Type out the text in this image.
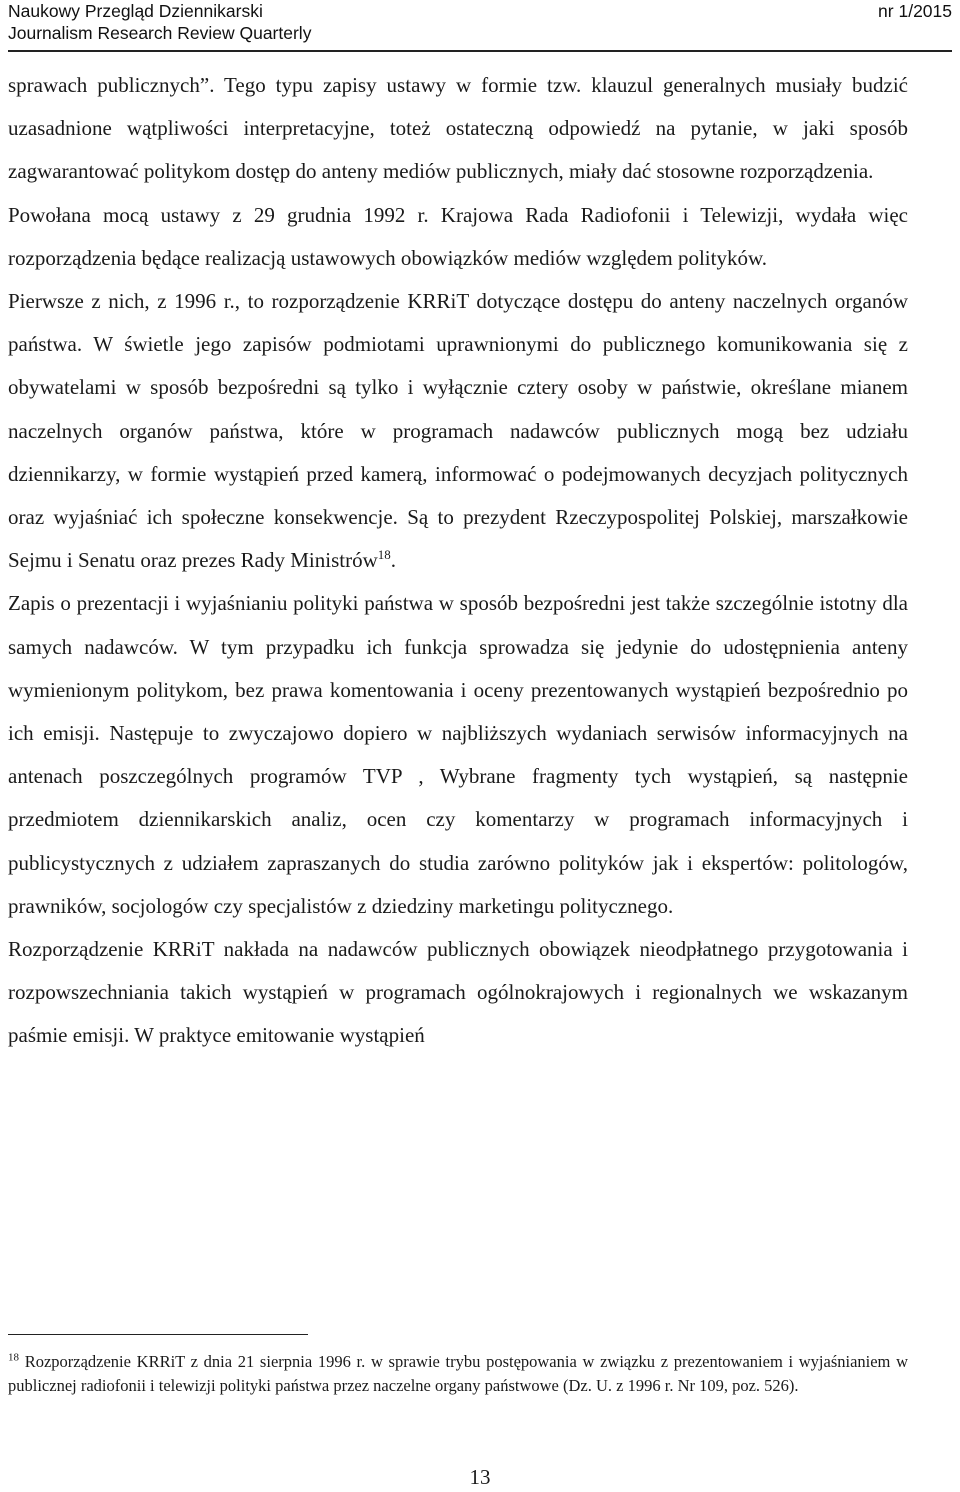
Naukowy Przegląd Dziennikarski	nr 1/2015
Journalism Research Review Quarterly

sprawach publicznych”. Tego typu zapisy ustawy w formie tzw. klauzul generalnych musiały budzić uzasadnione wątpliwości interpretacyjne, toteż ostateczną odpowiedź na pytanie, w jaki sposób zagwarantować politykom dostęp do anteny mediów publicznych, miały dać stosowne rozporządzenia.

Powołana mocą ustawy z 29 grudnia 1992 r. Krajowa Rada Radiofonii i Telewizji, wydała więc rozporządzenia będące realizacją ustawowych obowiązków mediów względem polityków.

Pierwsze z nich, z 1996 r., to rozporządzenie KRRiT dotyczące dostępu do anteny naczelnych organów państwa. W świetle jego zapisów podmiotami uprawnionymi do publicznego komunikowania się z obywatelami w sposób bezpośredni są tylko i wyłącznie cztery osoby w państwie, określane mianem naczelnych organów państwa, które w programach nadawców publicznych mogą bez udziału dziennikarzy, w formie wystąpień przed kamerą, informować o podejmowanych decyzjach politycznych oraz wyjaśniać ich społeczne konsekwencje. Są to prezydent Rzeczypospolitej Polskiej, marszałkowie Sejmu i Senatu oraz prezes Rady Ministrów$^{18}$.

Zapis o prezentacji i wyjaśnianiu polityki państwa w sposób bezpośredni jest także szczególnie istotny dla samych nadawców. W tym przypadku ich funkcja sprowadza się jedynie do udostępnienia anteny wymienionym politykom, bez prawa komentowania i oceny prezentowanych wystąpień bezpośrednio po ich emisji. Następuje to zwyczajowo dopiero w najbliższych wydaniach serwisów informacyjnych na antenach poszczególnych programów TVP , Wybrane fragmenty tych wystąpień, są następnie przedmiotem dziennikarskich analiz, ocen czy komentarzy w programach informacyjnych i publicystycznych z udziałem zapraszanych do studia zarówno polityków jak i ekspertów: politologów, prawników, socjologów czy specjalistów z dziedziny marketingu politycznego.

Rozporządzenie KRRiT nakłada na nadawców publicznych obowiązek nieodpłatnego przygotowania i rozpowszechniania takich wystąpień w programach ogólnokrajowych i regionalnych we wskazanym paśmie emisji. W praktyce emitowanie wystąpień

$^{18}$ Rozporządzenie KRRiT z dnia 21 sierpnia 1996 r. w sprawie trybu postępowania w związku z prezentowaniem i wyjaśnianiem w publicznej radiofonii i telewizji polityki państwa przez naczelne organy państwowe (Dz. U. z 1996 r. Nr 109, poz. 526).
13
